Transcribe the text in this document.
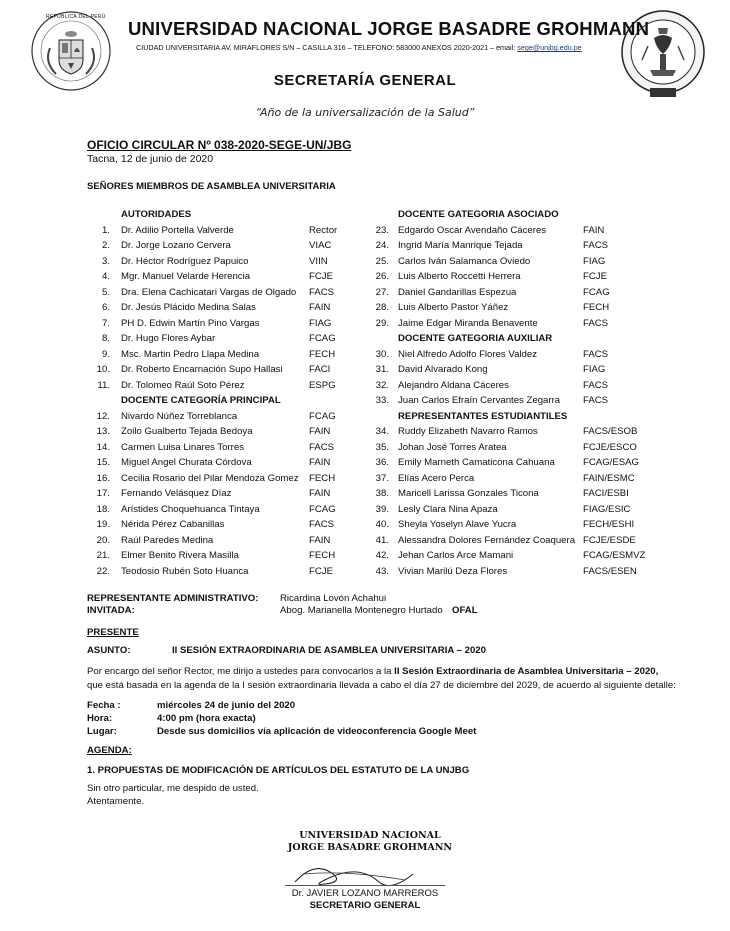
REPÚBLICA DEL PERÚ
UNIVERSIDAD NACIONAL JORGE BASADRE GROHMANN
CIUDAD UNIVERSITARIA AV. MIRAFLORES S/N – CASILLA 316 – TELEFONO: 583000 ANEXOS 2020-2021 – email: sege@unjbg.edu.pe
SECRETARÍA GENERAL
“Año de la universalización de la Salud”
OFICIO CIRCULAR Nº 038-2020-SEGE-UN/JBG
Tacna, 12 de junio de 2020
SEÑORES MIEMBROS DE ASAMBLEA UNIVERSITARIA
AUTORIDADES
1. Dr. Adilio Portella Valverde	Rector
2. Dr. Jorge Lozano Cervera	VIAC
3. Dr. Héctor Rodríguez Papuico	VIIN
4. Mgr. Manuel Velarde Herencia	FCJE
5. Dra. Elena Cachicatari Vargas de Olgado FACS
6. Dr. Jesús Plácido Medina Salas	FAIN
7. PH D. Edwin Martín Pino Vargas	FIAG
8. Dr. Hugo Flores Aybar	FCAG
9. Msc. Martin Pedro Llapa Medina	FECH
10. Dr. Roberto Encarnación Supo Hallasi	FACI
11. Dr. Tolomeo Raúl Soto Pérez	ESPG
DOCENTE CATEGORÍA PRINCIPAL
12. Nivardo Núñez Torreblanca	FCAG
13. Zoilo Gualberto Tejada Bedoya	FAIN
14. Carmen Luisa Linares Torres	FACS
15. Miguel Angel Churata Córdova	FAIN
16. Cecilia Rosario del Pilar Mendoza Gomez FECH
17. Fernando Velásquez Díaz	FAIN
18. Arístides Choquehuanca Tintaya	FCAG
19. Nérida Pérez Cabanillas	FACS
20. Raúl Paredes Medina	FAIN
21. Elmer Benito Rivera Masilla	FECH
22. Teodosio Rubén Soto Huanca	FCJE
DOCENTE GATEGORIA ASOCIADO
23. Edgardo Oscar Avendaño Cáceres	FAIN
24. Ingrid María Manrique Tejada	FACS
25. Carlos Iván Salamanca Oviedo	FIAG
26. Luis Alberto Roccetti Herrera	FCJE
27. Daniel Gandarillas Espezua	FCAG
28. Luis Alberto Pastor Yáñez	FECH
29. Jaime Edgar Miranda Benavente	FACS
DOCENTE GATEGORIA AUXILIAR
30. Niel Alfredo Adolfo Flores Valdez	FACS
31. David Alvarado Kong	FIAG
32. Alejandro Aldana Cáceres	FACS
33. Juan Carlos Efraín Cervantes Zegarra FACS
REPRESENTANTES ESTUDIANTILES
34. Ruddy Elizabeth Navarro Ramos	FACS/ESOB
35. Johan José Torres Aratea	FCJE/ESCO
36. Emily Marneth Camaticona Cahuana	FCAG/ESAG
37. Elías Acero Perca	FAIN/ESMC
38. Maricell Larissa Gonzales Ticona	FACI/ESBI
39. Lesly Clara Nina Apaza	FIAG/ESIC
40. Sheyla Yoselyn Alave Yucra	FECH/ESHI
41. Alessandra Dolores Fernández Coaquera FCJE/ESDE
42. Jehan Carlos Arce Mamani	FCAG/ESMVZ
43. Vivian Marilú Deza Flores	FACS/ESEN
REPRESENTANTE ADMINISTRATIVO: Ricardina Lovón Achahui
INVITADA:	Abog. Marianella Montenegro Hurtado OFAL
PRESENTE
ASUNTO:	II SESIÓN EXTRAORDINARIA DE ASAMBLEA UNIVERSITARIA – 2020
Por encargo del señor Rector, me dirijo a ustedes para convocarlos a la II Sesión Extraordinaria de Asamblea Universitaria – 2020,
que está basada en la agenda de la I sesión extraordinaria llevada a cabo el día 27 de diciembre del 2029, de acuerdo al siguiente detalle:
Fecha :	miércoles 24 de junio del 2020
Hora:	4:00 pm (hora exacta)
Lugar:	Desde sus domicilios vía aplicación de videoconferencia Google Meet
AGENDA:
1. PROPUESTAS DE MODIFICACIÓN DE ARTÍCULOS DEL ESTATUTO DE LA UNJBG
Sin otro particular, me despido de usted.
Atentamente.
UNIVERSIDAD NACIONAL
JORGE BASADRE GROHMANN
Dr. JAVIER LOZANO MARREROS
SECRETARIO GENERAL
